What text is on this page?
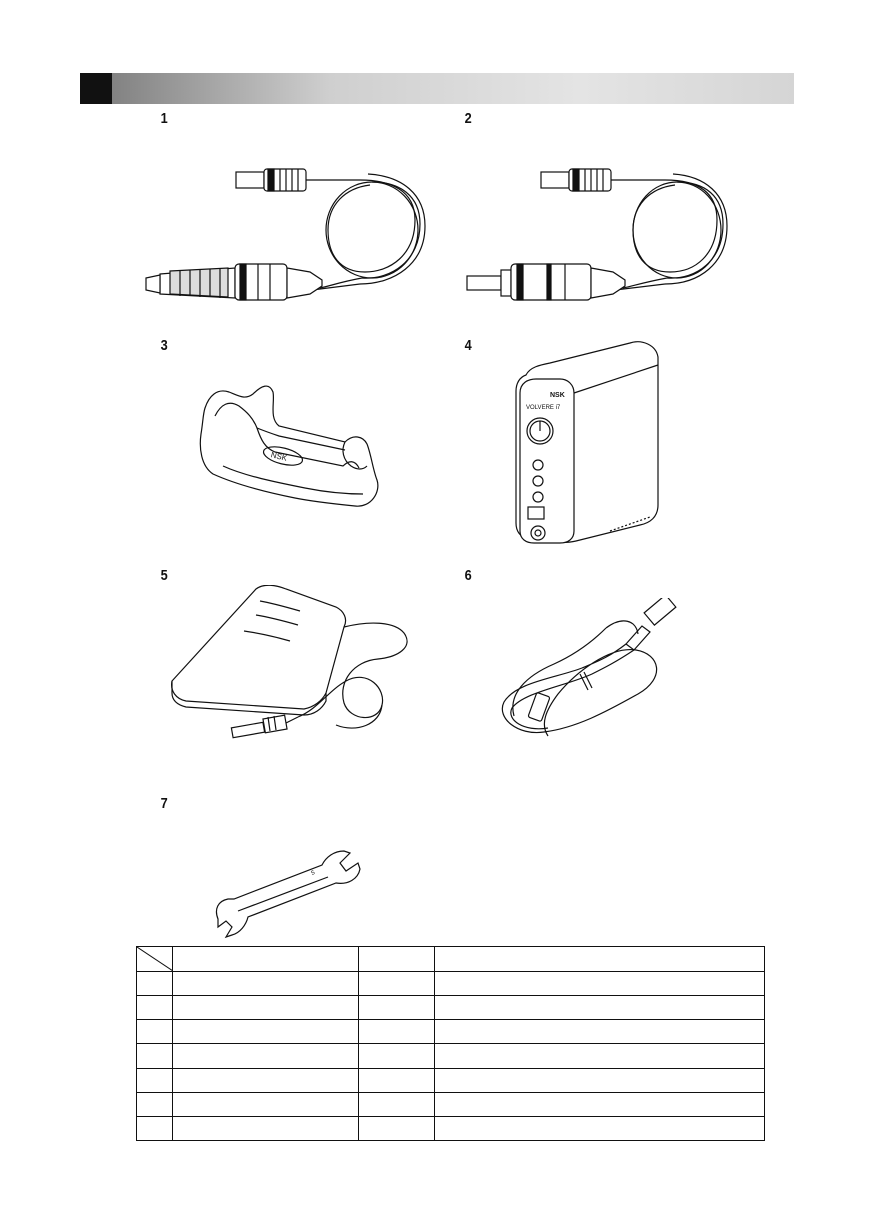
1	2
3	4
5	6
7
NSK
NSK
VOLVERE i7
5
